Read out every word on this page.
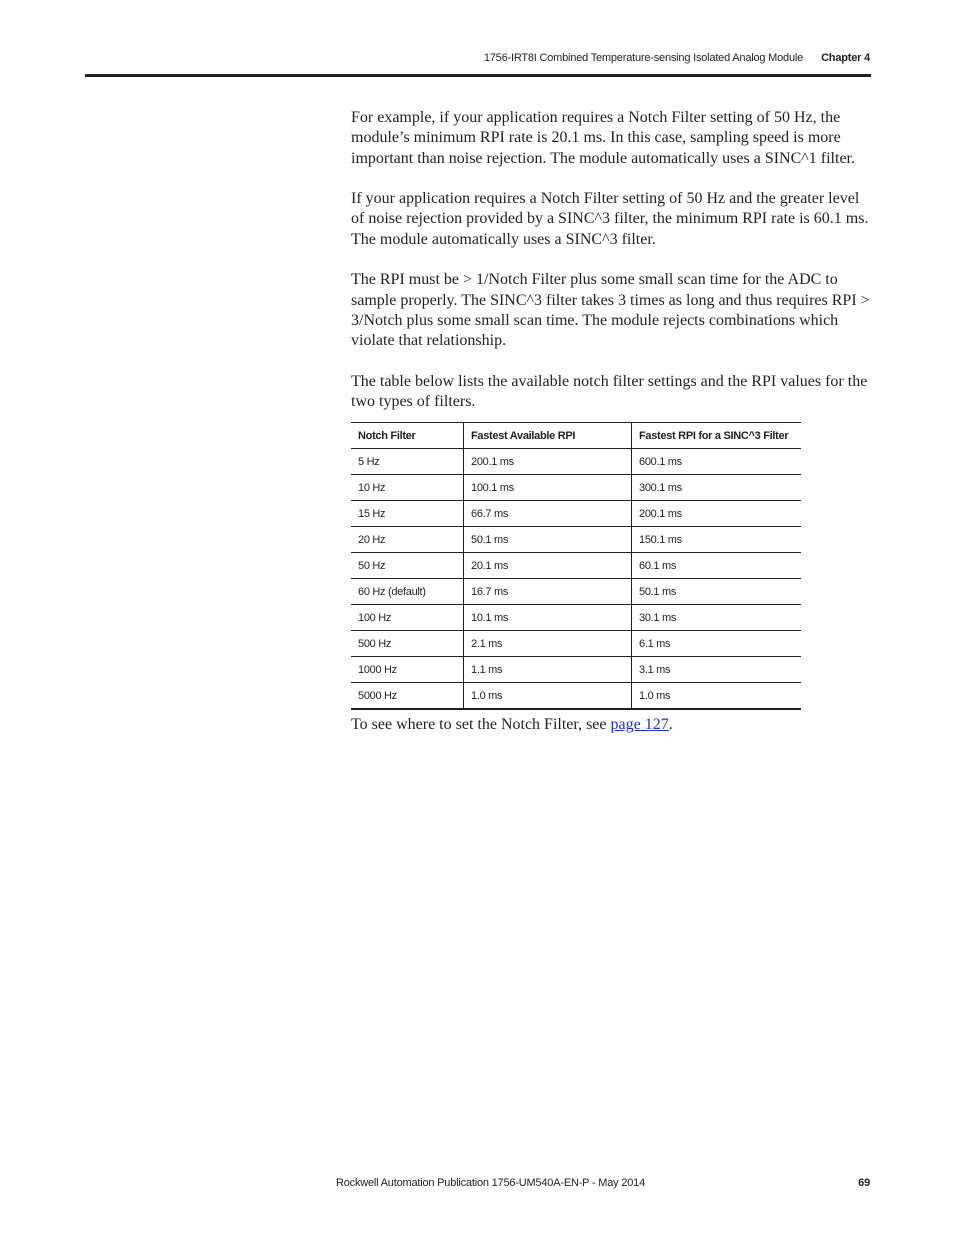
1756-IRT8I Combined Temperature-sensing Isolated Analog Module Chapter 4

For example, if your application requires a Notch Filter setting of 50 Hz, the module’s minimum RPI rate is 20.1 ms. In this case, sampling speed is more important than noise rejection. The module automatically uses a SINC^1 filter.

If your application requires a Notch Filter setting of 50 Hz and the greater level of noise rejection provided by a SINC^3 filter, the minimum RPI rate is 60.1 ms. The module automatically uses a SINC^3 filter.

The RPI must be > 1/Notch Filter plus some small scan time for the ADC to sample properly. The SINC^3 filter takes 3 times as long and thus requires RPI > 3/Notch plus some small scan time. The module rejects combinations which violate that relationship.

The table below lists the available notch filter settings and the RPI values for the two types of filters.

Notch Filter	Fastest Available RPI	Fastest RPI for a SINC^3 Filter
5 Hz	200.1 ms	600.1 ms
10 Hz	100.1 ms	300.1 ms
15 Hz	66.7 ms	200.1 ms
20 Hz	50.1 ms	150.1 ms
50 Hz	20.1 ms	60.1 ms
60 Hz (default)	16.7 ms	50.1 ms
100 Hz	10.1 ms	30.1 ms
500 Hz	2.1 ms	6.1 ms
1000 Hz	1.1 ms	3.1 ms
5000 Hz	1.0 ms	1.0 ms
To see where to set the Notch Filter, see page 127.
Rockwell Automation Publication 1756-UM540A-EN-P - May 2014	69
